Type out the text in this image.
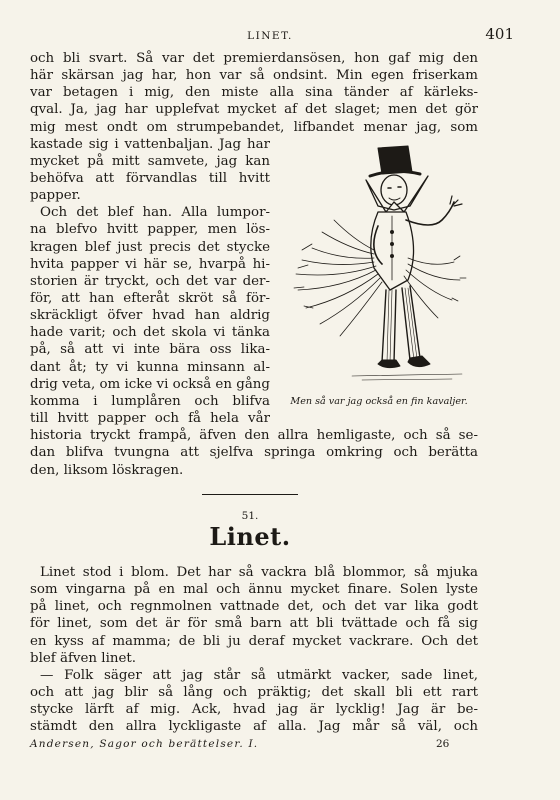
LINET.	401
och bli svart. Så var det premierdansösen, hon gaf mig den
här skärsan jag har, hon var så ondsint. Min egen friserkam
var betagen i mig, den miste alla sina tänder af kärleks-
qval. Ja, jag har upplefvat mycket af det slaget; men det gör
mig mest ondt om strumpebandet, lifbandet menar jag, som
kastade sig i vattenbaljan. Jag har
mycket på mitt samvete, jag kan
behöfva att förvandlas till hvitt
papper.
Och det blef han. Alla lumpor-
na blefvo hvitt papper, men lös-
kragen blef just precis det stycke
hvita papper vi här se, hvarpå hi-
storien är tryckt, och det var der-
för, att han efteråt skröt så för-
skräckligt öfver hvad han aldrig
hade varit; och det skola vi tänka
på, så att vi inte bära oss lika-
dant åt; ty vi kunna minsann al-
drig veta, om icke vi också en gång
komma i lumplåren och blifva
till hvitt papper och få hela vår
historia tryckt frampå, äfven den allra hemligaste, och så se-
dan blifva tvungna att sjelfva springa omkring och berätta
den, liksom löskragen.
Men så var jag också en fin kavaljer.
51.
Linet.
Linet stod i blom. Det har så vackra blå blommor, så mjuka
som vingarna på en mal och ännu mycket finare. Solen lyste
på linet, och regnmolnen vattnade det, och det var lika godt
för linet, som det är för små barn att bli tvättade och få sig
en kyss af mamma; de bli ju deraf mycket vackrare. Och det
blef äfven linet.
— Folk säger att jag står så utmärkt vacker, sade linet,
och att jag blir så lång och präktig; det skall bli ett rart
stycke lärft af mig. Ack, hvad jag är lycklig! Jag är be-
stämdt den allra lyckligaste af alla. Jag mår så väl, och
Andersen, Sagor och berättelser. I.	26
